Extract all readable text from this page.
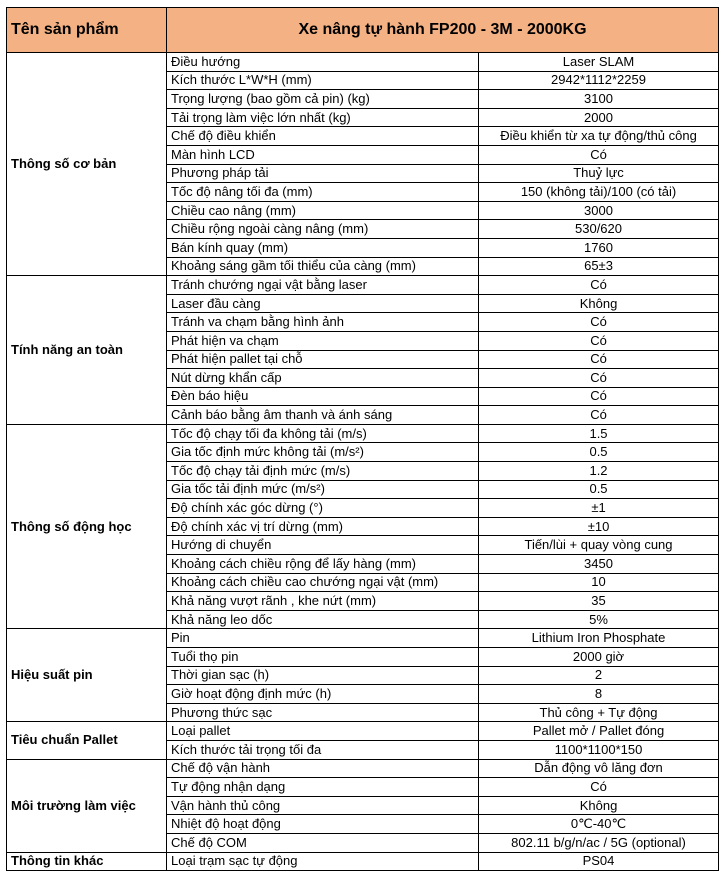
Tên sản phẩm	Xe nâng tự hành FP200 - 3M - 2000KG	
Thông số cơ bản	Điều hướng	Laser SLAM
	Kích thước L*W*H (mm)	2942*1112*2259
	Trọng lượng (bao gồm cả pin) (kg)	3100
	Tải trọng làm việc lớn nhất (kg)	2000
	Chế độ điều khiển	Điều khiển từ xa tự động/thủ công
	Màn hình LCD	Có
	Phương pháp tải	Thuỷ lực
	Tốc độ nâng tối đa (mm)	150 (không tải)/100 (có tải)
	Chiều cao nâng (mm)	3000
	Chiều rộng ngoài càng nâng (mm)	530/620
	Bán kính quay (mm)	1760
	Khoảng sáng gầm tối thiểu của càng (mm)	65±3
Tính năng an toàn	Tránh chướng ngại vật bằng laser	Có
	Laser đầu càng	Không
	Tránh va chạm bằng hình ảnh	Có
	Phát hiện va chạm	Có
	Phát hiện pallet tại chỗ	Có
	Nút dừng khẩn cấp	Có
	Đèn báo hiệu	Có
	Cảnh báo bằng âm thanh và ánh sáng	Có
Thông số động học	Tốc độ chạy tối đa không tải (m/s)	1.5
	Gia tốc định mức không tải (m/s²)	0.5
	Tốc độ chạy tải định mức (m/s)	1.2
	Gia tốc tải định mức (m/s²)	0.5
	Độ chính xác góc dừng (°)	±1
	Độ chính xác vị trí dừng (mm)	±10
	Hướng di chuyển	Tiến/lùi + quay vòng cung
	Khoảng cách chiều rộng để lấy hàng (mm)	3450
	Khoảng cách chiều cao chướng ngại vật (mm)	10
	Khả năng vượt rãnh , khe nứt (mm)	35
	Khả năng leo dốc	5%
Hiệu suất pin	Pin	Lithium Iron Phosphate
	Tuổi thọ pin	2000 giờ
	Thời gian sạc (h)	2
	Giờ hoạt động định mức (h)	8
	Phương thức sạc	Thủ công + Tự động
Tiêu chuẩn Pallet	Loại pallet	Pallet mở / Pallet đóng
	Kích thước tải trọng tối đa	1100*1100*150
Môi trường làm việc	Chế độ vận hành	Dẫn động vô lăng đơn
	Tự động nhận dạng	Có
	Vận hành thủ công	Không
	Nhiệt độ hoạt động	0℃-40℃
	Chế độ COM	802.11 b/g/n/ac / 5G (optional)
Thông tin khác	Loại trạm sạc tự động	PS04
